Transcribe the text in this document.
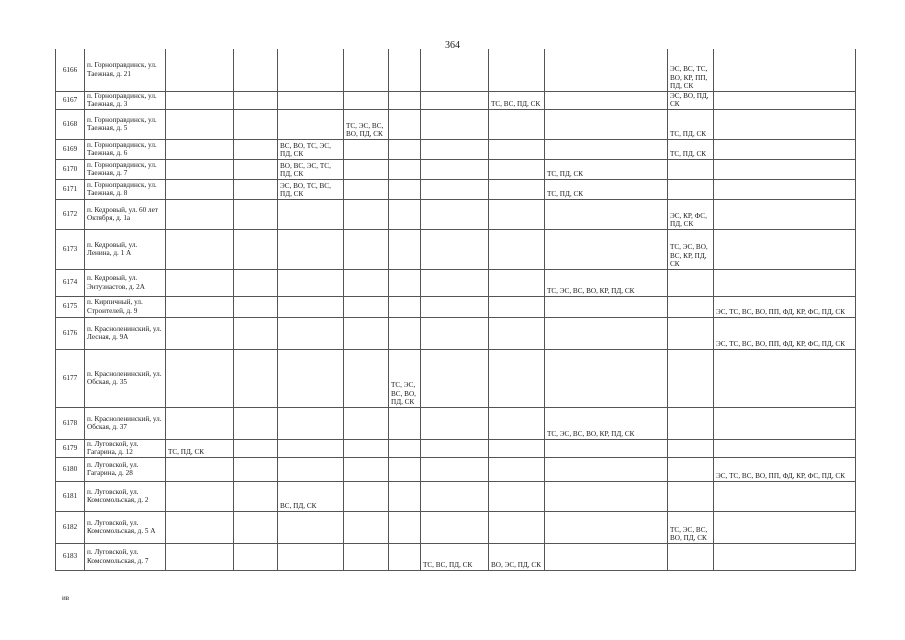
364
6166	п. Горноправдинск, ул. Таежная, д. 21									ЭС, ВС, ТС, ВО, КР, ПП, ПД, СК	
6167	п. Горноправдинск, ул. Таежная, д. 3							ТС, ВС, ПД, СК		ЭС, ВО, ПД, СК	
6168	п. Горноправдинск, ул. Таежная, д. 5				ТС, ЭС, ВС, ВО, ПД, СК					ТС, ПД, СК	
6169	п. Горноправдинск, ул. Таежная, д. 6			ВС, ВО, ТС, ЭС, ПД, СК						ТС, ПД, СК	
6170	п. Горноправдинск, ул. Таежная, д. 7			ВО, ВС, ЭС, ТС, ПД, СК					ТС, ПД, СК		
6171	п. Горноправдинск, ул. Таежная, д. 8			ЭС, ВО, ТС, ВС, ПД, СК					ТС, ПД, СК		
6172	п. Кедровый, ул. 60 лет Октября, д. 1а									ЭС, КР, ФС, ПД, СК	
6173	п. Кедровый, ул. Ленина, д. 1 А									ТС, ЭС, ВО, ВС, КР, ПД, СК	
6174	п. Кедровый, ул. Энтузиастов, д. 2А								ТС, ЭС, ВС, ВО, КР, ПД, СК		
6175	п. Кирпичный, ул. Строителей, д. 9										ЭС, ТС, ВС, ВО, ПП, ФД, КР, ФС, ПД, СК
6176	п. Красноленинский, ул. Лесная, д. 9А										ЭС, ТС, ВС, ВО, ПП, ФД, КР, ФС, ПД, СК
6177	п. Красноленинский, ул. Обская, д. 35					ТС, ЭС, ВС, ВО, ПД, СК					
6178	п. Красноленинский, ул. Обская, д. 37								ТС, ЭС, ВС, ВО, КР, ПД, СК		
6179	п. Луговской, ул. Гагарина, д. 12	ТС, ПД, СК									
6180	п. Луговской, ул. Гагарина, д. 28										ЭС, ТС, ВС, ВО, ПП, ФД, КР, ФС, ПД, СК
6181	п. Луговской, ул. Комсомольская, д. 2			ВС, ПД, СК							
6182	п. Луговской, ул. Комсомольская, д. 5 А									ТС, ЭС, ВС, ВО, ПД, СК	
6183	п. Луговской, ул. Комсомольская, д. 7						ТС, ВС, ПД, СК	ВО, ЭС, ПД, СК			
ив
